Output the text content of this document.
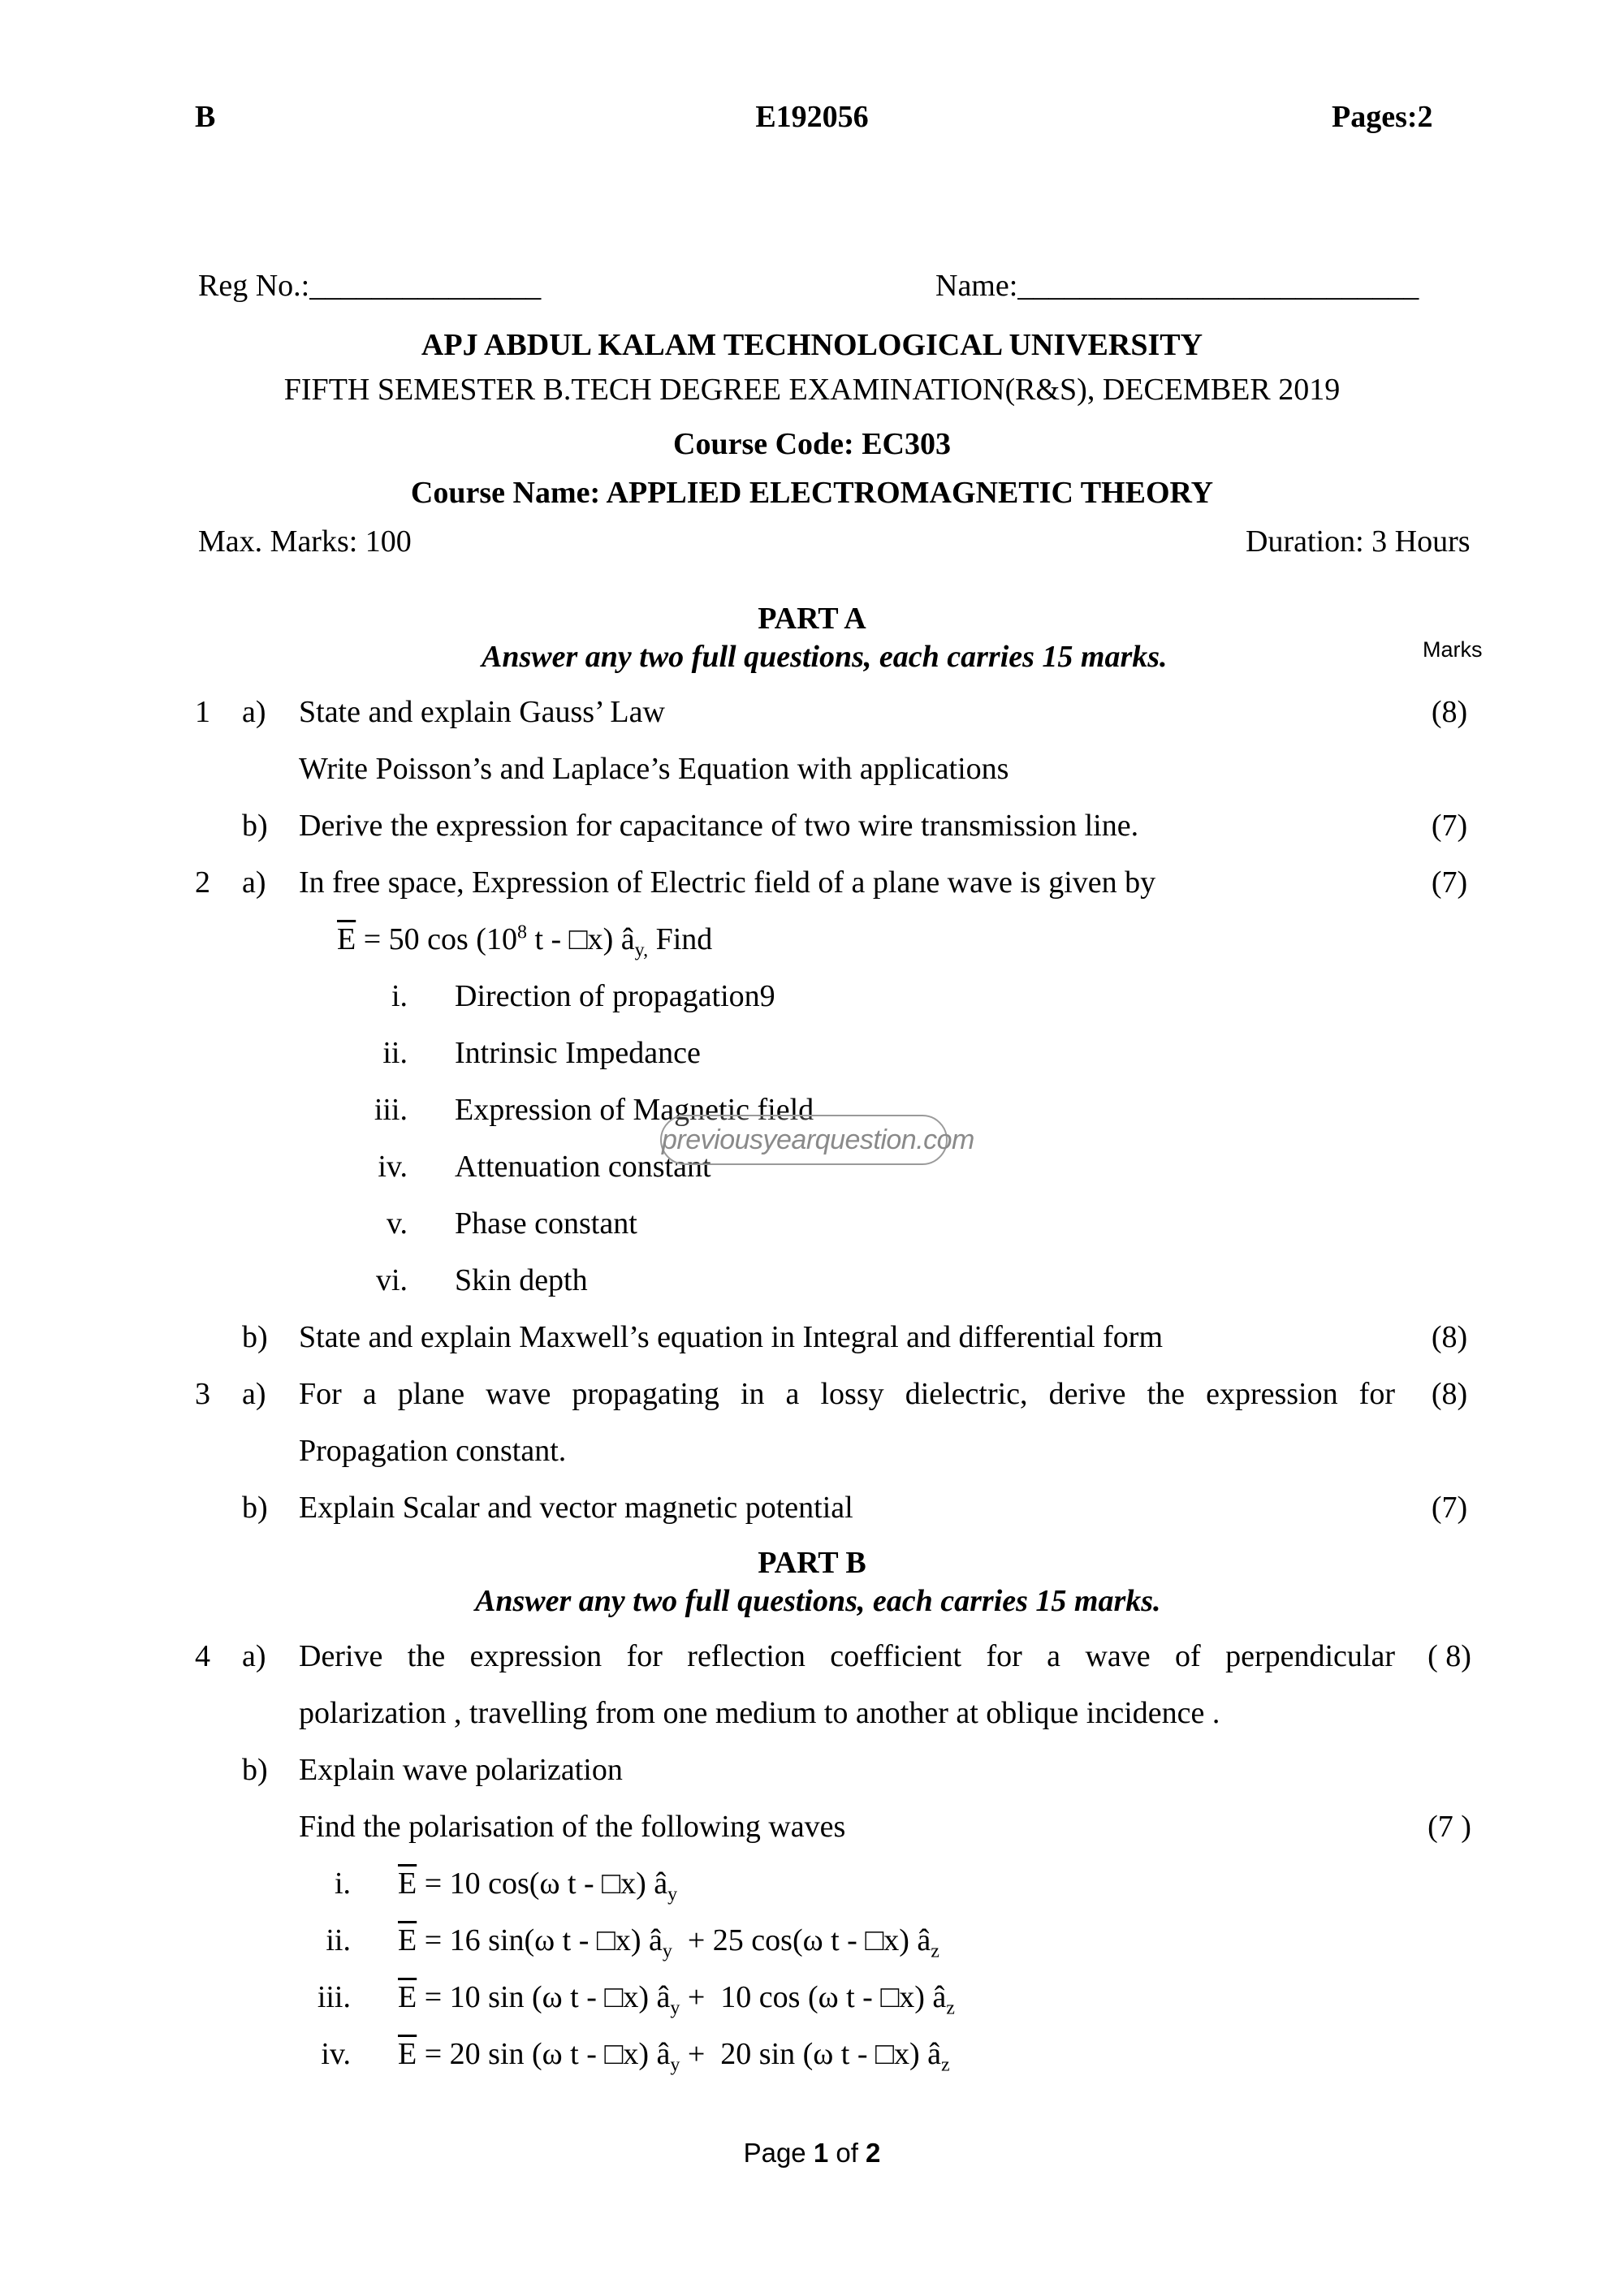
B	E192056	Pages:2
Reg No.:_______________	Name:__________________________
APJ ABDUL KALAM TECHNOLOGICAL UNIVERSITY
FIFTH SEMESTER B.TECH DEGREE EXAMINATION(R&S), DECEMBER 2019
Course Code: EC303
Course Name: APPLIED ELECTROMAGNETIC THEORY
Max. Marks: 100	Duration: 3 Hours
PART A
Answer any two full questions, each carries 15 marks.	Marks
1 a) State and explain Gauss’ Law	(8)
Write Poisson’s and Laplace’s Equation with applications
b) Derive the expression for capacitance of two wire transmission line.	(7)
2 a) In free space, Expression of Electric field of a plane wave is given by	(7)
$\overline{E} = 50$ $\cos (10^8$ t - □x) $â_{y,}$ Find
i. Direction of propagation9
ii. Intrinsic Impedance
iii. Expression of Magnetic field
iv. Attenuation constant
v. Phase constant
vi. Skin depth
previousyearquestion.com
b) State and explain Maxwell’s equation in Integral and differential form	(8)
3 a) For a plane wave propagating in a lossy dielectric, derive the expression for	(8)
Propagation constant.
b) Explain Scalar and vector magnetic potential	(7)
PART B
Answer any two full questions, each carries 15 marks.
4 a) Derive the expression for reflection coefficient for a wave of perpendicular	( 8)
polarization , travelling from one medium to another at oblique incidence .
b) Explain wave polarization
Find the polarisation of the following waves	(7 )
i. $\overline{E} = 10$ cos(ω t - □x) $â_y$
ii. $\overline{E} = 16$ sin(ω t - □x) $â_y + 25$ cos(ω t - □x) $â_z$
iii. $\overline{E} = 10$ sin (ω t - □x) $â_y + 10$ cos (ω t - □x) $â_z$
iv. $\overline{E} = 20$ sin (ω t - □x) $â_y + 20$ sin (ω t - □x) $â_z$
Page 1 of 2
